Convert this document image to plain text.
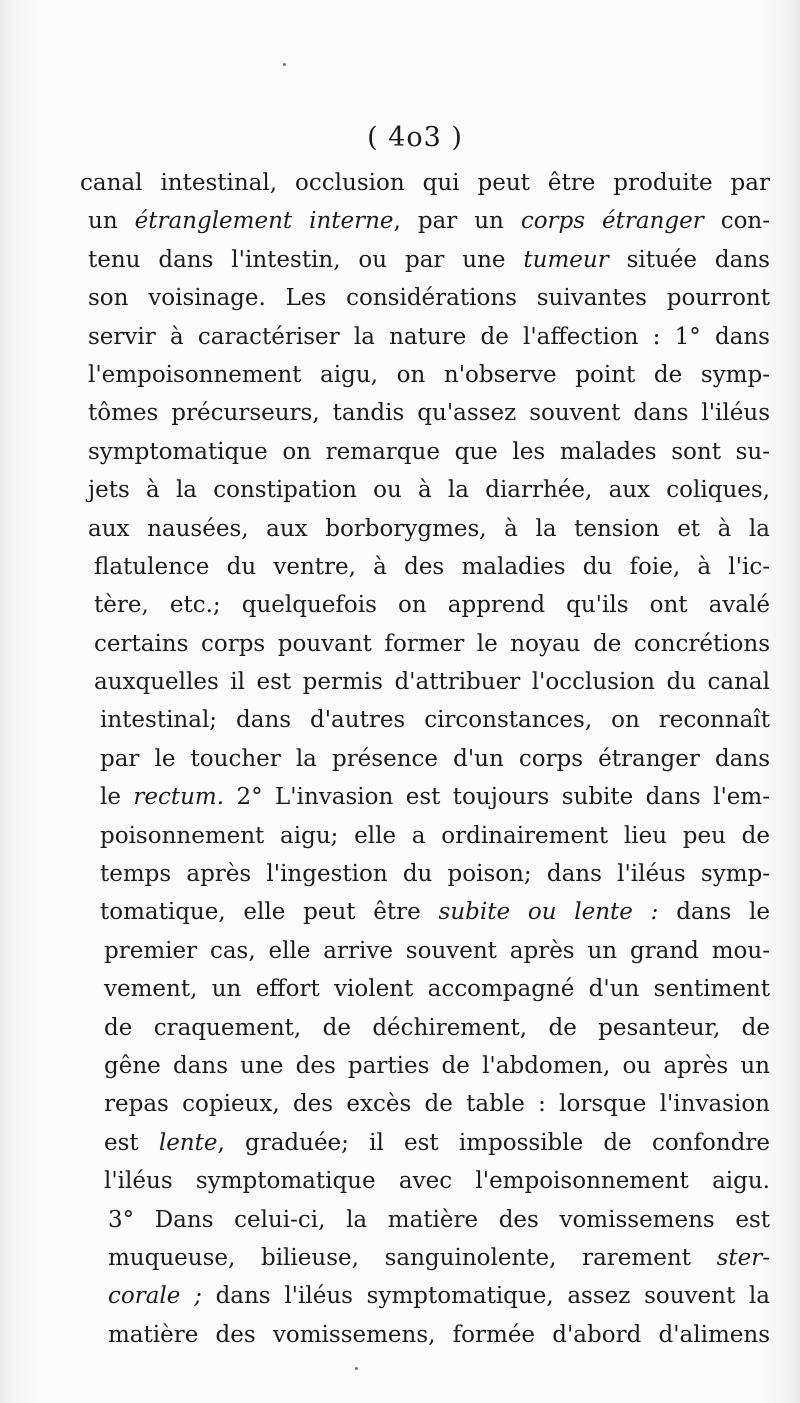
( 4o3 )
canal intestinal, occlusion qui peut être produite par
un étranglement interne, par un corps étranger con-
tenu dans l'intestin, ou par une tumeur située dans
son voisinage. Les considérations suivantes pourront
servir à caractériser la nature de l'affection : 1° dans
l'empoisonnement aigu, on n'observe point de symp-
tômes précurseurs, tandis qu'assez souvent dans l'iléus
symptomatique on remarque que les malades sont su-
jets à la constipation ou à la diarrhée, aux coliques,
aux nausées, aux borborygmes, à la tension et à la
flatulence du ventre, à des maladies du foie, à l'ic-
tère, etc.; quelquefois on apprend qu'ils ont avalé
certains corps pouvant former le noyau de concrétions
auxquelles il est permis d'attribuer l'occlusion du canal
intestinal; dans d'autres circonstances, on reconnaît
par le toucher la présence d'un corps étranger dans
le rectum. 2° L'invasion est toujours subite dans l'em-
poisonnement aigu; elle a ordinairement lieu peu de
temps après l'ingestion du poison; dans l'iléus symp-
tomatique, elle peut être subite ou lente : dans le
premier cas, elle arrive souvent après un grand mou-
vement, un effort violent accompagné d'un sentiment
de craquement, de déchirement, de pesanteur, de
gêne dans une des parties de l'abdomen, ou après un
repas copieux, des excès de table : lorsque l'invasion
est lente, graduée; il est impossible de confondre
l'iléus symptomatique avec l'empoisonnement aigu.
3° Dans celui-ci, la matière des vomissemens est
muqueuse, bilieuse, sanguinolente, rarement ster-
corale ; dans l'iléus symptomatique, assez souvent la
matière des vomissemens, formée d'abord d'alimens
